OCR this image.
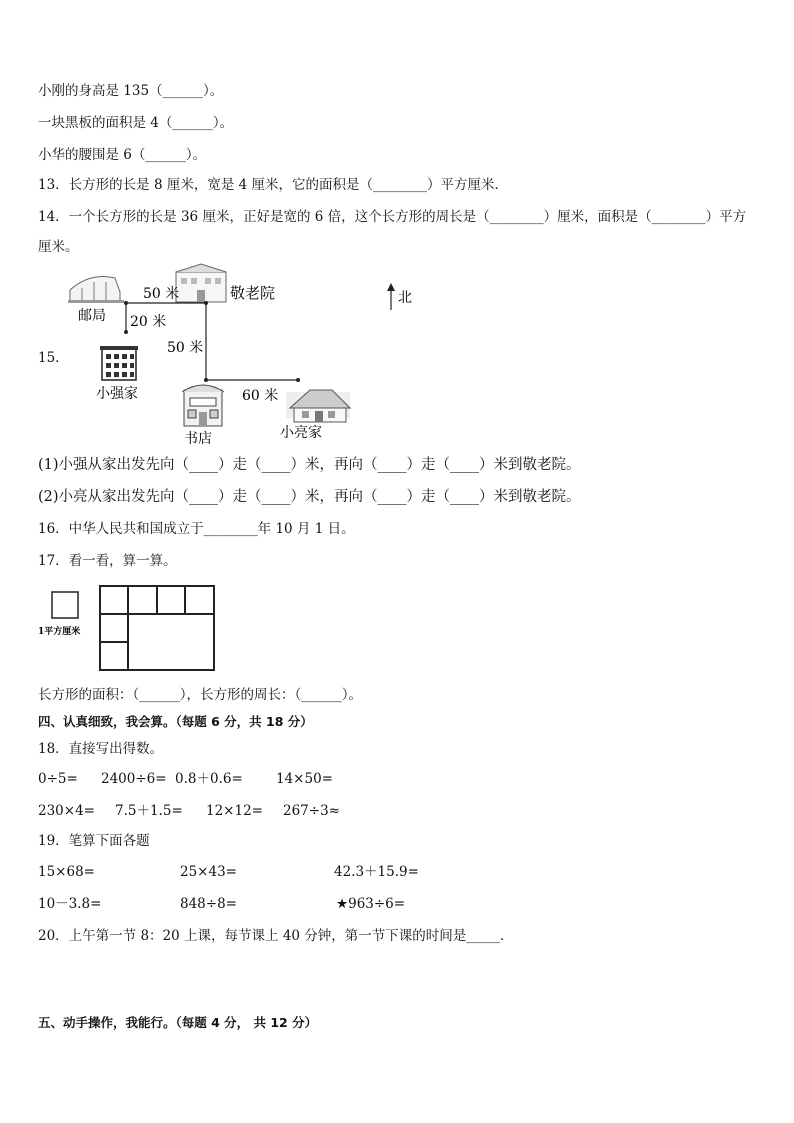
小刚的身高是 135（______）。
一块黑板的面积是 4（______）。
小华的腰围是 6（______）。
13．长方形的长是 8 厘米，宽是 4 厘米，它的面积是（________）平方厘米．
14．一个长方形的长是 36 厘米，正好是宽的 6 倍，这个长方形的周长是（________）厘米，面积是（________）平方
厘米。
15．
北
50 米	敬老院
邮局 20 米
50 米
小强家	60 米
书店	小亮家
(1)小强从家出发先向（____）走（____）米，再向（____）走（____）米到敬老院。
(2)小亮从家出发先向（____）走（____）米，再向（____）走（____）米到敬老院。
16．中华人民共和国成立于________年 10 月 1 日。
17．看一看，算一算。
1平方厘米
长方形的面积：（______），长方形的周长：（______）。
四、认真细致，我会算。（每题 6 分，共 18 分）
18．直接写出得数。
0÷5= 2400÷6= 0.8＋0.6= 14×50=
230×4= 7.5＋1.5= 12×12= 267÷3≈
19．笔算下面各题
15×68=	25×43=	42.3＋15.9=
10－3.8=	848÷8=	★963÷6=
20．上午第一节 8：20 上课，每节课上 40 分钟，第一节下课的时间是_____．
五、动手操作，我能行。（每题 4 分， 共 12 分）
